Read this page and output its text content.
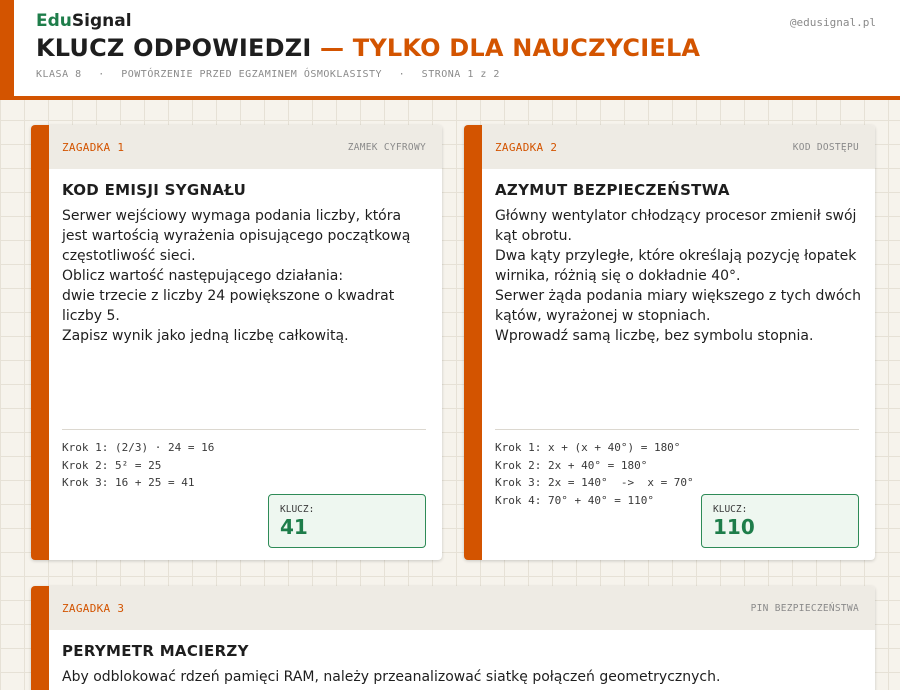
EduSignal	@edusignal.pl
KLUCZ ODPOWIEDZI — TYLKO DLA NAUCZYCIELA
KLASA 8 · POWTÓRZENIE PRZED EGZAMINEM ÓSMOKLASISTY · STRONA 1 z 2
ZAGADKA 1	ZAMEK CYFROWY
KOD EMISJI SYGNAŁU

Serwer wejściowy wymaga podania liczby, która

jest wartością wyrażenia opisującego początkową

częstotliwość sieci.

Oblicz wartość następującego działania:

dwie trzecie z liczby 24 powiększone o kwadrat

liczby 5.

Zapisz wynik jako jedną liczbę całkowitą.

Krok 1: (2/3) · 24 = 16
Krok 2: 5² = 25
Krok 3: 16 + 25 = 41
KLUCZ:
41
ZAGADKA 2	KOD DOSTĘPU
AZYMUT BEZPIECZEŃSTWA

Główny wentylator chłodzący procesor zmienił swój

kąt obrotu.

Dwa kąty przyległe, które określają pozycję łopatek

wirnika, różnią się o dokładnie 40°.

Serwer żąda podania miary większego z tych dwóch

kątów, wyrażonej w stopniach.

Wprowadź samą liczbę, bez symbolu stopnia.

Krok 1: x + (x + 40°) = 180°
Krok 2: 2x + 40° = 180°
Krok 3: 2x = 140°  ->  x = 70°
Krok 4: 70° + 40° = 110°
KLUCZ:
110
ZAGADKA 3	PIN BEZPIECZEŃSTWA
PERYMETR MACIERZY

Aby odblokować rdzeń pamięci RAM, należy przeanalizować siatkę połączeń geometrycznych.
